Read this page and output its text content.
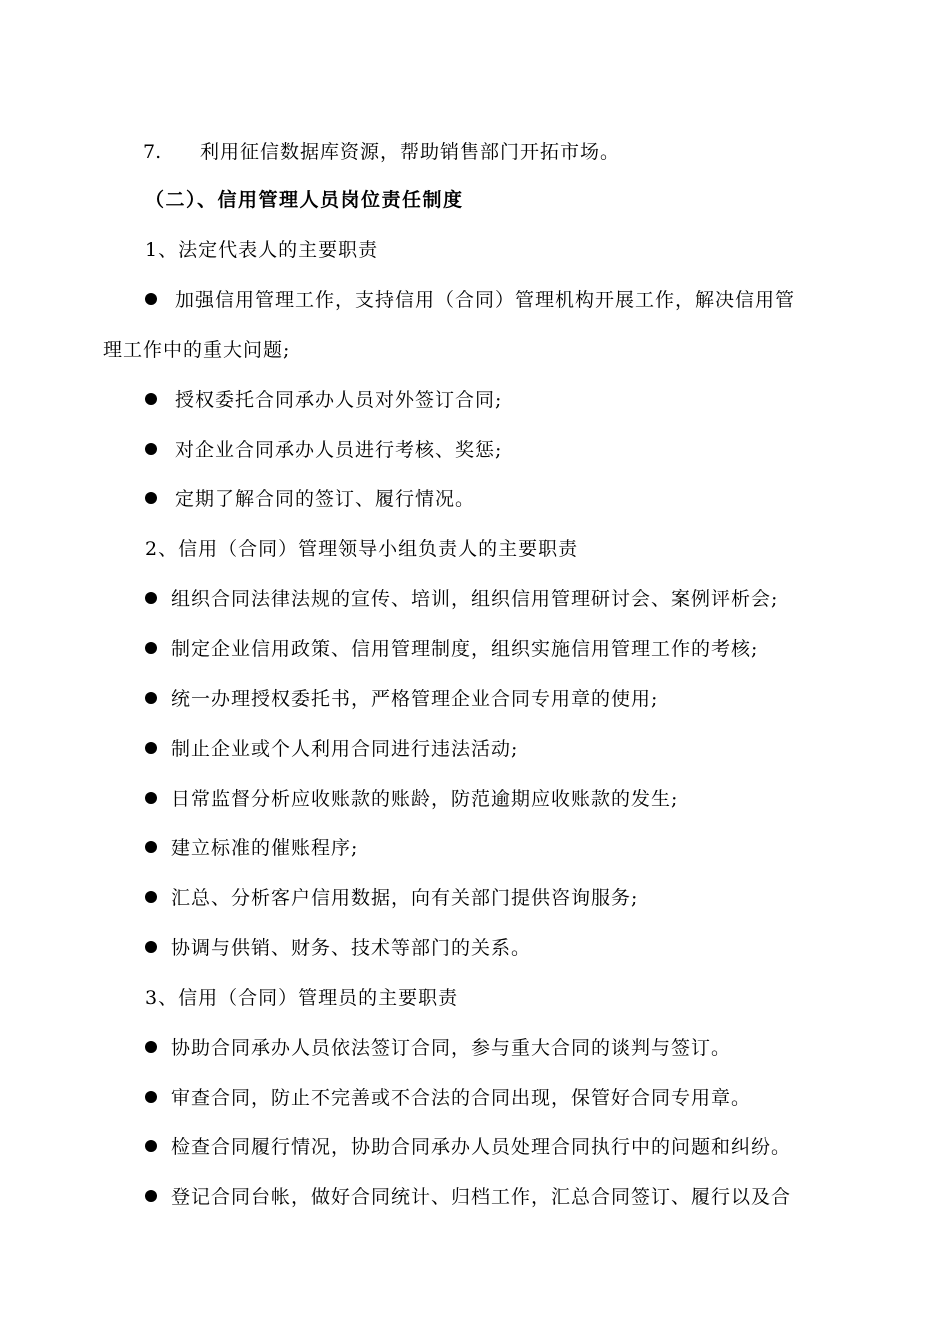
7. 利用征信数据库资源，帮助销售部门开拓市场。
（二）、信用管理人员岗位责任制度
1、法定代表人的主要职责
加强信用管理工作，支持信用（合同）管理机构开展工作，解决信用管
理工作中的重大问题;
授权委托合同承办人员对外签订合同;
对企业合同承办人员进行考核、奖惩;
定期了解合同的签订、履行情况。
2、信用（合同）管理领导小组负责人的主要职责
组织合同法律法规的宣传、培训，组织信用管理研讨会、案例评析会;
制定企业信用政策、信用管理制度，组织实施信用管理工作的考核;
统一办理授权委托书，严格管理企业合同专用章的使用;
制止企业或个人利用合同进行违法活动;
日常监督分析应收账款的账龄，防范逾期应收账款的发生;
建立标准的催账程序;
汇总、分析客户信用数据，向有关部门提供咨询服务;
协调与供销、财务、技术等部门的关系。
3、信用（合同）管理员的主要职责
协助合同承办人员依法签订合同，参与重大合同的谈判与签订。
审查合同，防止不完善或不合法的合同出现，保管好合同专用章。
检查合同履行情况，协助合同承办人员处理合同执行中的问题和纠纷。
登记合同台帐，做好合同统计、归档工作，汇总合同签订、履行以及合
